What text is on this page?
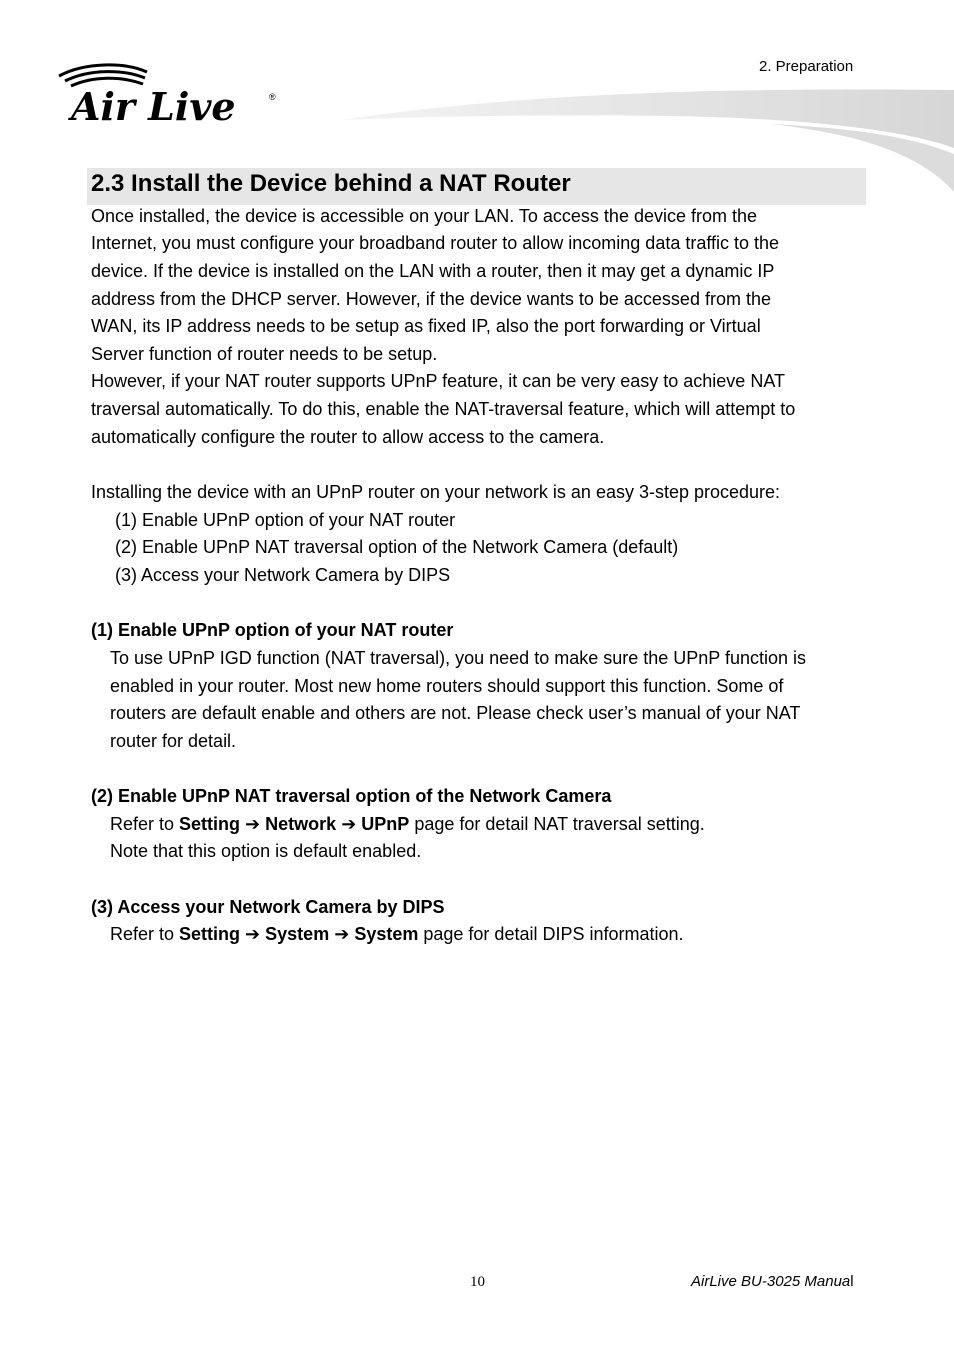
2. Preparation
Air Live	®
2.3 Install the Device behind a NAT Router
Once installed, the device is accessible on your LAN. To access the device from the
Internet, you must configure your broadband router to allow incoming data traffic to the
device. If the device is installed on the LAN with a router, then it may get a dynamic IP
address from the DHCP server. However, if the device wants to be accessed from the
WAN, its IP address needs to be setup as fixed IP, also the port forwarding or Virtual
Server function of router needs to be setup.
However, if your NAT router supports UPnP feature, it can be very easy to achieve NAT
traversal automatically. To do this, enable the NAT-traversal feature, which will attempt to
automatically configure the router to allow access to the camera.
Installing the device with an UPnP router on your network is an easy 3-step procedure:
(1) Enable UPnP option of your NAT router
(2) Enable UPnP NAT traversal option of the Network Camera (default)
(3) Access your Network Camera by DIPS
(1) Enable UPnP option of your NAT router
To use UPnP IGD function (NAT traversal), you need to make sure the UPnP function is
enabled in your router. Most new home routers should support this function. Some of
routers are default enable and others are not. Please check user’s manual of your NAT
router for detail.
(2) Enable UPnP NAT traversal option of the Network Camera
Refer to Setting ➔ Network ➔ UPnP page for detail NAT traversal setting.
Note that this option is default enabled.
(3) Access your Network Camera by DIPS
Refer to Setting ➔ System ➔ System page for detail DIPS information.
10	AirLive BU-3025 Manual
